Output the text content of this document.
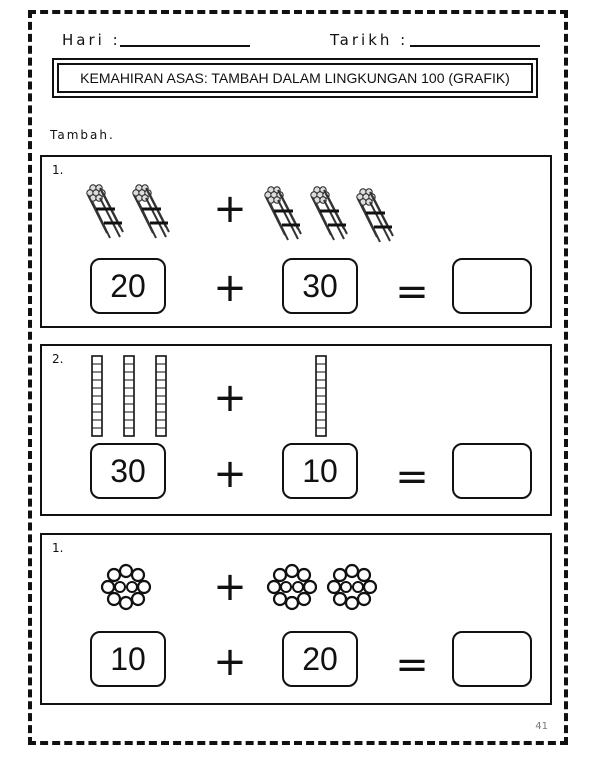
Hari :	Tarikh :
KEMAHIRAN ASAS: TAMBAH DALAM LINGKUNGAN 100 (GRAFIK)
Tambah.
1.
+
20	+	30	=
2.
+
30	+	10	=
1.
+
10	+	20	=
41
